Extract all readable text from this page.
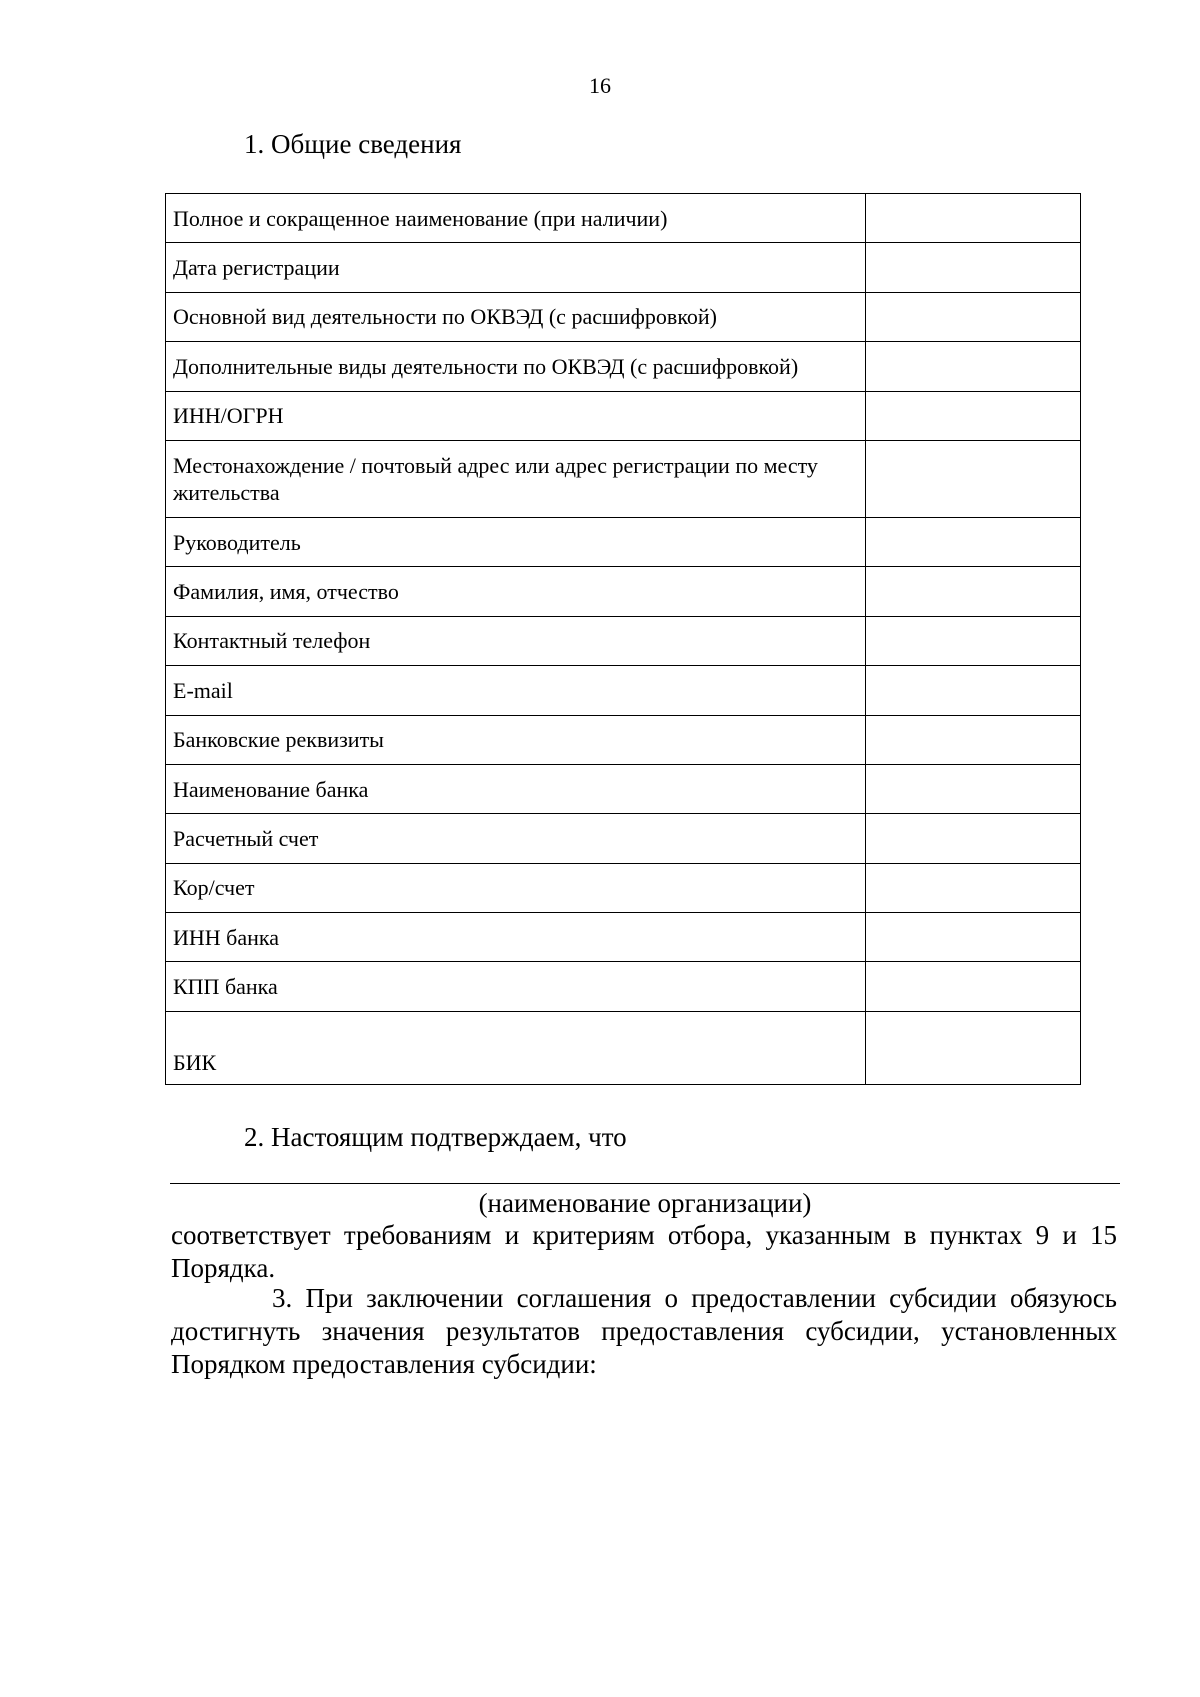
16
1. Общие сведения
Полное и сокращенное наименование (при наличии)	
Дата регистрации	
Основной вид деятельности по ОКВЭД (с расшифровкой)	
Дополнительные виды деятельности по ОКВЭД (с расшифровкой)	
ИНН/ОГРН	
Местонахождение / почтовый адрес или адрес регистрации по месту жительства	
Руководитель	
Фамилия, имя, отчество	
Контактный телефон	
E-mail	
Банковские реквизиты	
Наименование банка	
Расчетный счет	
Кор/счет	
ИНН банка	
КПП банка	
БИК	
2. Настоящим подтверждаем, что
(наименование организации)

соответствует требованиям и критериям отбора, указанным в пунктах 9 и 15 Порядка.

3. При заключении соглашения о предоставлении субсидии обязуюсь достигнуть значения результатов предоставления субсидии, установленных Порядком предоставления субсидии:
